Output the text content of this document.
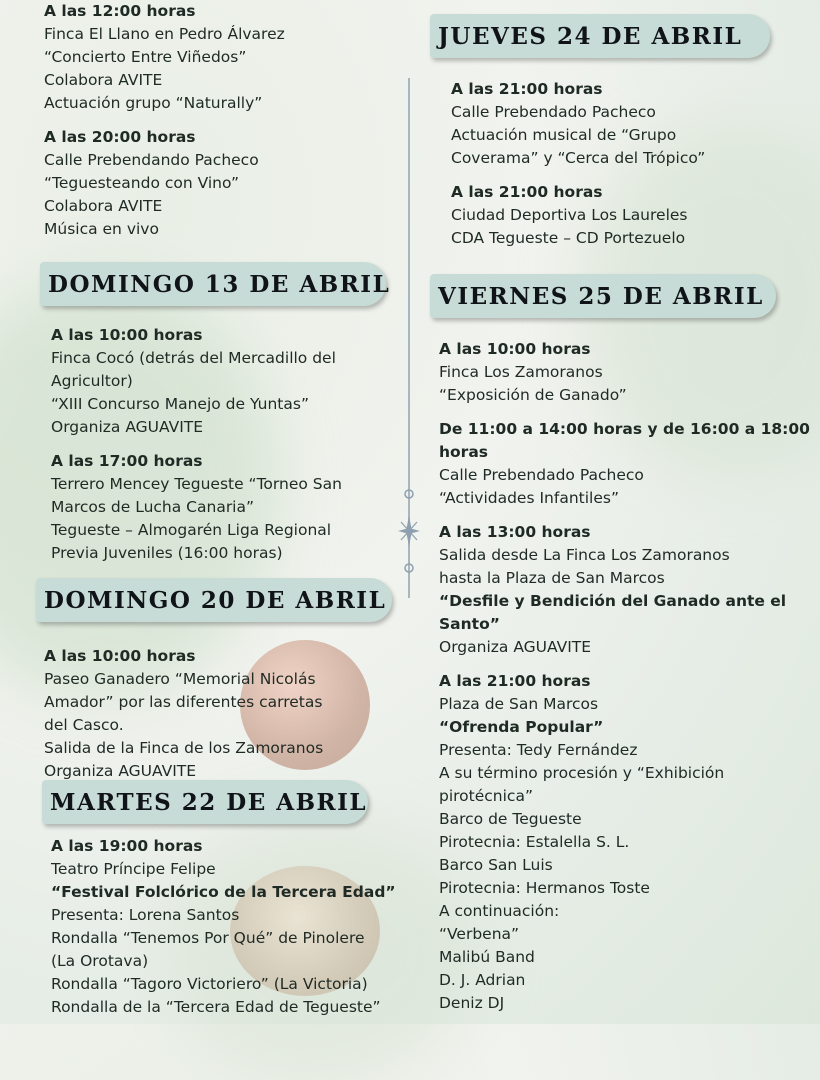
A las 12:00 horas

Finca El Llano en Pedro Álvarez

“Concierto Entre Viñedos”

Colabora AVITE

Actuación grupo “Naturally”

A las 20:00 horas

Calle Prebendando Pacheco

“Teguesteando con Vino”

Colabora AVITE

Música en vivo

DOMINGO 13 DE ABRIL

A las 10:00 horas

Finca Cocó (detrás del Mercadillo del

Agricultor)

“XIII Concurso Manejo de Yuntas”

Organiza AGUAVITE

A las 17:00 horas

Terrero Mencey Tegueste “Torneo San

Marcos de Lucha Canaria”

Tegueste – Almogarén Liga Regional

Previa Juveniles (16:00 horas)

DOMINGO 20 DE ABRIL

A las 10:00 horas

Paseo Ganadero “Memorial Nicolás

Amador” por las diferentes carretas

del Casco.

Salida de la Finca de los Zamoranos

Organiza AGUAVITE

MARTES 22 DE ABRIL

A las 19:00 horas

Teatro Príncipe Felipe

“Festival Folclórico de la Tercera Edad”

Presenta: Lorena Santos

Rondalla “Tenemos Por Qué” de Pinolere

(La Orotava)

Rondalla “Tagoro Victoriero” (La Victoria)

Rondalla de la “Tercera Edad de Tegueste”

JUEVES 24 DE ABRIL

A las 21:00 horas

Calle Prebendado Pacheco

Actuación musical de “Grupo

Coverama” y “Cerca del Trópico”

A las 21:00 horas

Ciudad Deportiva Los Laureles

CDA Tegueste – CD Portezuelo

VIERNES 25 DE ABRIL

A las 10:00 horas

Finca Los Zamoranos

“Exposición de Ganado”

De 11:00 a 14:00 horas y de 16:00 a 18:00

horas

Calle Prebendado Pacheco

“Actividades Infantiles”

A las 13:00 horas

Salida desde La Finca Los Zamoranos

hasta la Plaza de San Marcos

“Desfile y Bendición del Ganado ante el

Santo”

Organiza AGUAVITE

A las 21:00 horas

Plaza de San Marcos

“Ofrenda Popular”

Presenta: Tedy Fernández

A su término procesión y “Exhibición

pirotécnica”

Barco de Tegueste

Pirotecnia: Estalella S. L.

Barco San Luis

Pirotecnia: Hermanos Toste

A continuación:

“Verbena”

Malibú Band

D. J. Adrian

Deniz DJ
